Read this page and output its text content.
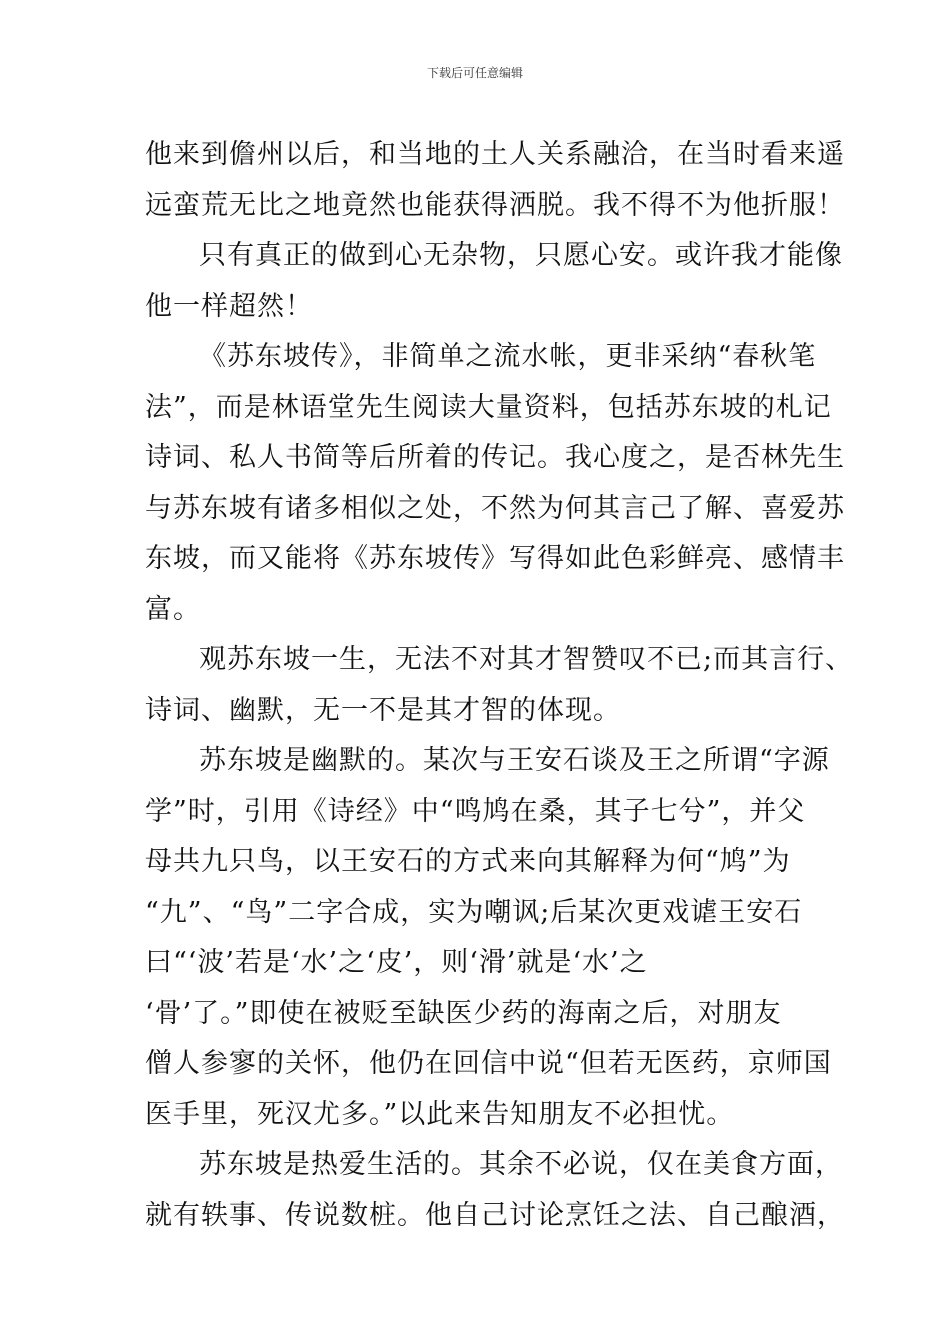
下载后可任意编辑
他来到儋州以后，和当地的土人关系融洽，在当时看来遥
远蛮荒无比之地竟然也能获得洒脱。我不得不为他折服！
只有真正的做到心无杂物，只愿心安。或许我才能像
他一样超然！
《苏东坡传》，非简单之流水帐，更非采纳“春秋笔
法”，而是林语堂先生阅读大量资料，包括苏东坡的札记
诗词、私人书简等后所着的传记。我心度之，是否林先生
与苏东坡有诸多相似之处，不然为何其言己了解、喜爱苏
东坡，而又能将《苏东坡传》写得如此色彩鲜亮、感情丰
富。
观苏东坡一生，无法不对其才智赞叹不已;而其言行、
诗词、幽默，无一不是其才智的体现。
苏东坡是幽默的。某次与王安石谈及王之所谓“字源
学”时，引用《诗经》中“鸣鸠在桑，其子七兮”，并父
母共九只鸟，以王安石的方式来向其解释为何“鸠”为
“九”、“鸟”二字合成，实为嘲讽;后某次更戏谑王安石
曰“‘波’若是‘水’之‘皮’，则‘滑’就是‘水’之
‘骨’了。”即使在被贬至缺医少药的海南之后，对朋友
僧人参寥的关怀，他仍在回信中说“但若无医药，京师国
医手里，死汉尤多。”以此来告知朋友不必担忧。
苏东坡是热爱生活的。其余不必说，仅在美食方面，
就有轶事、传说数桩。他自己讨论烹饪之法、自己酿酒，
